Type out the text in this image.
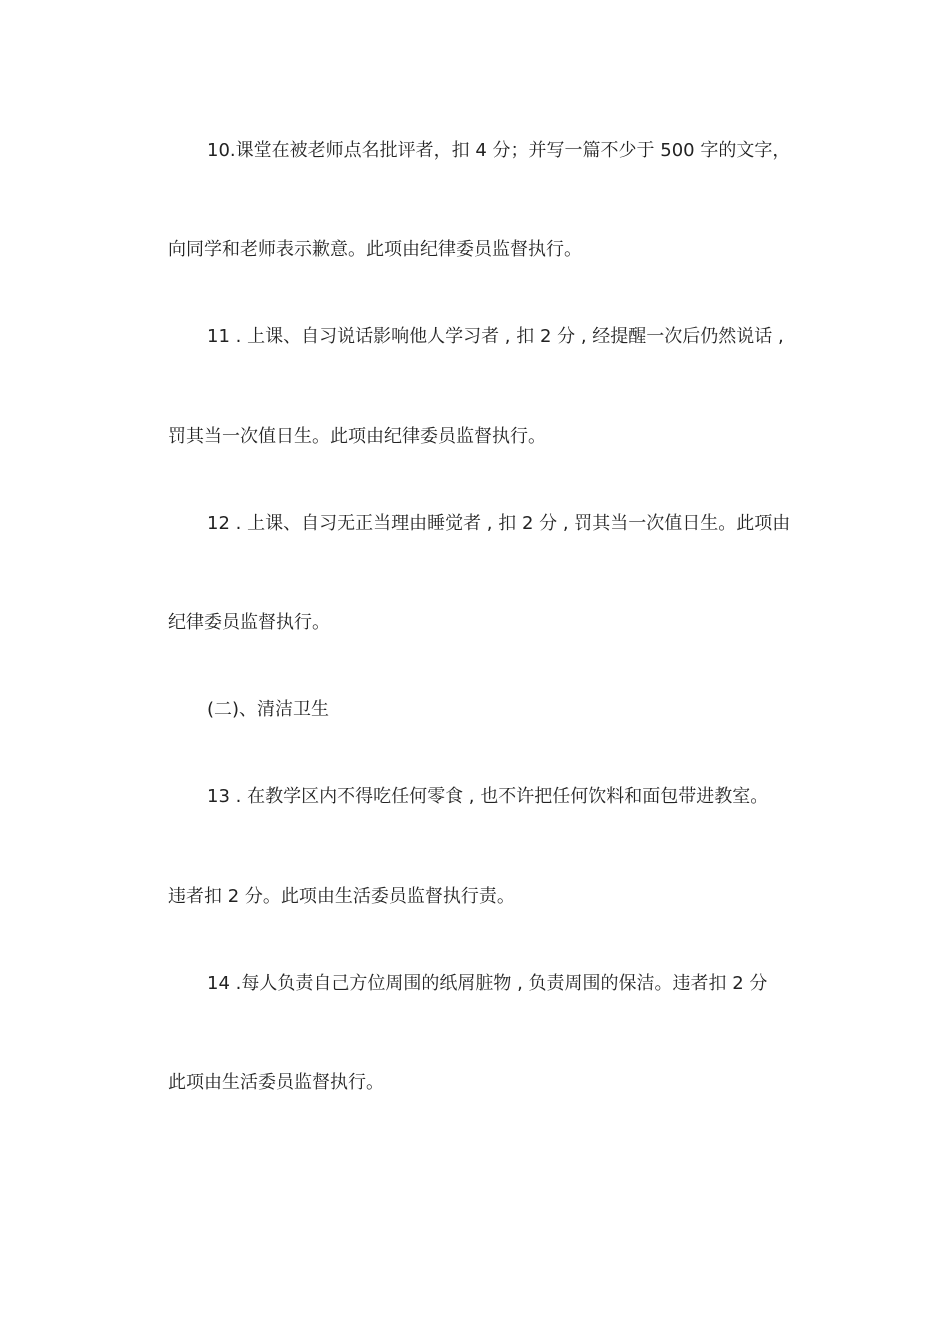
10.课堂在被老师点名批评者，扣 4 分；并写一篇不少于 500 字的文字，
向同学和老师表示歉意。此项由纪律委员监督执行。
11 . 上课、自习说话影响他人学习者 , 扣 2 分 , 经提醒一次后仍然说话 ,
罚其当一次值日生。此项由纪律委员监督执行。
12 . 上课、自习无正当理由睡觉者 , 扣 2 分 , 罚其当一次值日生。此项由
纪律委员监督执行。
(二)、清洁卫生
13 . 在教学区内不得吃任何零食 , 也不许把任何饮料和面包带进教室。
违者扣 2 分。此项由生活委员监督执行责。
14 .每人负责自己方位周围的纸屑脏物 , 负责周围的保洁。违者扣 2 分
此项由生活委员监督执行。
